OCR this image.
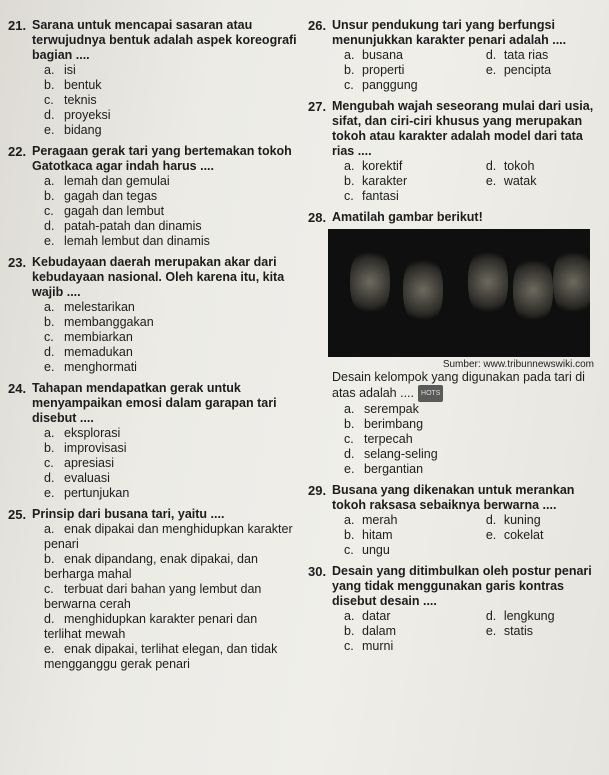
21. Sarana untuk mencapai sasaran atau terwujudnya bentuk adalah aspek koreografi bagian ....
a. isi
b. bentuk
c. teknis
d. proyeksi
e. bidang
22. Peragaan gerak tari yang bertemakan tokoh Gatotkaca agar indah harus ....
a. lemah dan gemulai
b. gagah dan tegas
c. gagah dan lembut
d. patah-patah dan dinamis
e. lemah lembut dan dinamis
23. Kebudayaan daerah merupakan akar dari kebudayaan nasional. Oleh karena itu, kita wajib ....
a. melestarikan
b. membanggakan
c. membiarkan
d. memadukan
e. menghormati
24. Tahapan mendapatkan gerak untuk menyampaikan emosi dalam garapan tari disebut ....
a. eksplorasi
b. improvisasi
c. apresiasi
d. evaluasi
e. pertunjukan
25. Prinsip dari busana tari, yaitu ....
a. enak dipakai dan menghidupkan karakter penari
b. enak dipandang, enak dipakai, dan berharga mahal
c. terbuat dari bahan yang lembut dan berwarna cerah
d. menghidupkan karakter penari dan terlihat mewah
e. enak dipakai, terlihat elegan, dan tidak mengganggu gerak penari
26. Unsur pendukung tari yang berfungsi menunjukkan karakter penari adalah ....
a. busana	d. tata rias
b. properti	e. pencipta
c. panggung
27. Mengubah wajah seseorang mulai dari usia, sifat, dan ciri-ciri khusus yang merupakan tokoh atau karakter adalah model dari tata rias ....
a. korektif	d. tokoh
b. karakter	e. watak
c. fantasi
28. Amatilah gambar berikut!
Sumber: www.tribunnewswiki.com
Desain kelompok yang digunakan pada tari di atas adalah .... HOTS
a. serempak
b. berimbang
c. terpecah
d. selang-seling
e. bergantian
29. Busana yang dikenakan untuk merankan tokoh raksasa sebaiknya berwarna ....
a. merah	d. kuning
b. hitam	e. cokelat
c. ungu
30. Desain yang ditimbulkan oleh postur penari yang tidak menggunakan garis kontras disebut desain ....
a. datar	d. lengkung
b. dalam	e. statis
c. murni
